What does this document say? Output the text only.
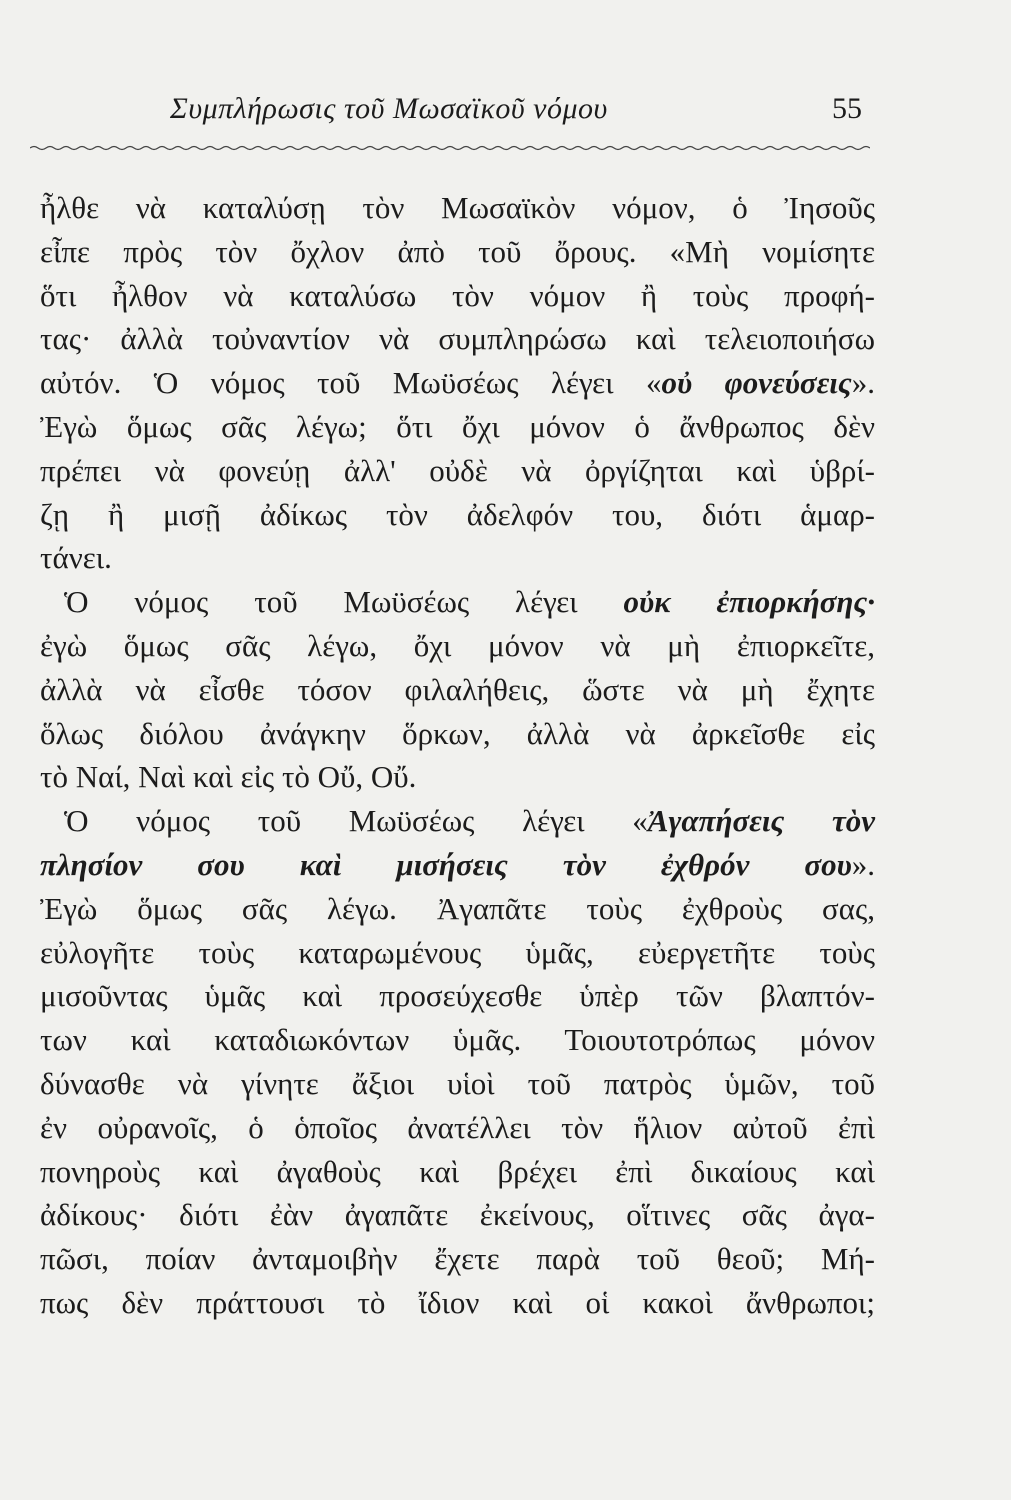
Συμπλήρωσις τοῦ Μωσαϊκοῦ νόμου	55
ἦλθε νὰ καταλύσῃ τὸν Μωσαϊκὸν νόμον, ὁ Ἰησοῦς
εἶπε πρὸς τὸν ὄχλον ἀπὸ τοῦ ὄρους. «Μὴ νομίσητε
ὅτι ἦλθον νὰ καταλύσω τὸν νόμον ἢ τοὺς προφή-
τας· ἀλλὰ τοὐναντίον νὰ συμπληρώσω καὶ τελειοποιήσω
αὐτόν. Ὁ νόμος τοῦ Μωϋσέως λέγει «οὐ φονεύσεις».
Ἐγὼ ὅμως σᾶς λέγω; ὅτι ὄχι μόνον ὁ ἄνθρωπος δὲν
πρέπει νὰ φονεύῃ ἀλλ' οὐδὲ νὰ ὀργίζηται καὶ ὑβρί-
ζῃ ἢ μισῇ ἀδίκως τὸν ἀδελφόν του, διότι ἁμαρ-
τάνει.
Ὁ νόμος τοῦ Μωϋσέως λέγει οὐκ ἐπιορκήσης·
ἐγὼ ὅμως σᾶς λέγω, ὄχι μόνον νὰ μὴ ἐπιορκεῖτε,
ἀλλὰ νὰ εἶσθε τόσον φιλαλήθεις, ὥστε νὰ μὴ ἔχητε
ὅλως διόλου ἀνάγκην ὅρκων, ἀλλὰ νὰ ἀρκεῖσθε εἰς
τὸ Ναί, Ναὶ καὶ εἰς τὸ Οὔ, Οὔ.
Ὁ νόμος τοῦ Μωϋσέως λέγει «Ἀγαπήσεις τὸν
πλησίον σου καὶ μισήσεις τὸν ἐχθρόν σου».
Ἐγὼ ὅμως σᾶς λέγω. Ἀγαπᾶτε τοὺς ἐχθροὺς σας,
εὐλογῆτε τοὺς καταρωμένους ὑμᾶς, εὐεργετῆτε τοὺς
μισοῦντας ὑμᾶς καὶ προσεύχεσθε ὑπὲρ τῶν βλαπτόν-
των καὶ καταδιωκόντων ὑμᾶς. Τοιουτοτρόπως μόνον
δύνασθε νὰ γίνητε ἄξιοι υἱοὶ τοῦ πατρὸς ὑμῶν, τοῦ
ἐν οὐρανοῖς, ὁ ὁποῖος ἀνατέλλει τὸν ἥλιον αὐτοῦ ἐπὶ
πονηροὺς καὶ ἀγαθοὺς καὶ βρέχει ἐπὶ δικαίους καὶ
ἀδίκους· διότι ἐὰν ἀγαπᾶτε ἐκείνους, οἵτινες σᾶς ἀγα-
πῶσι, ποίαν ἀνταμοιβὴν ἔχετε παρὰ τοῦ θεοῦ; Μή-
πως δὲν πράττουσι τὸ ἴδιον καὶ οἱ κακοὶ ἄνθρωποι;
